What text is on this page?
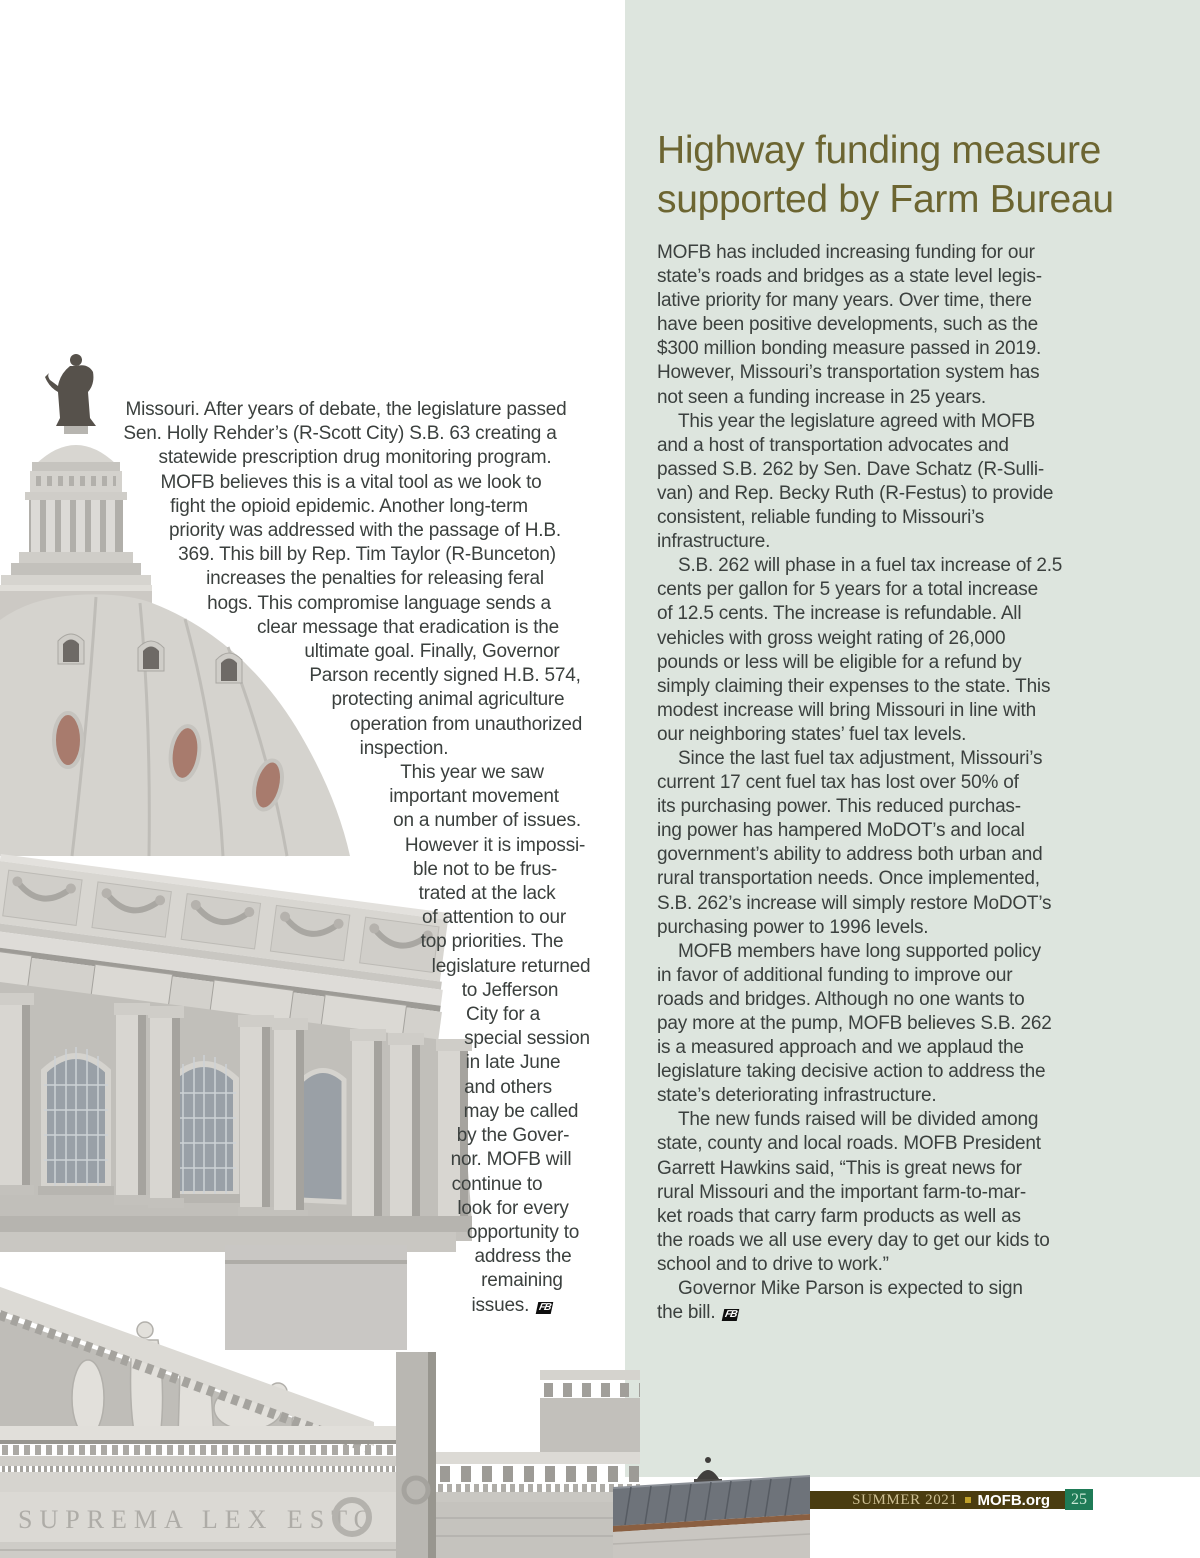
SUPREMA LEX ESTO
Missouri. After years of debate, the legislature passed
Sen. Holly Rehder’s (R-Scott City) S.B. 63 creating a
statewide prescription drug monitoring program.
MOFB believes this is a vital tool as we look to
fight the opioid epidemic. Another long-term
priority was addressed with the passage of H.B.
369. This bill by Rep. Tim Taylor (R-Bunceton)
increases the penalties for releasing feral
hogs. This compromise language sends a
clear message that eradication is the
ultimate goal. Finally, Governor
Parson recently signed H.B. 574,
protecting animal agriculture
operation from unauthorized
inspection.
This year we saw
important movement
on a number of issues.
However it is impossi-
ble not to be frus-
trated at the lack
of attention to our
top priorities. The
legislature returned
to Jefferson
City for a
special session
in late June
and others
may be called
by the Gover-
nor. MOFB will
continue to
look for every
opportunity to
address the
remaining
issues. FB
Highway funding measure
supported by Farm Bureau
MOFB has included increasing funding for our
state’s roads and bridges as a state level legis-
lative priority for many years. Over time, there
have been positive developments, such as the
$300 million bonding measure passed in 2019.
However, Missouri’s transportation system has
not seen a funding increase in 25 years.
This year the legislature agreed with MOFB
and a host of transportation advocates and
passed S.B. 262 by Sen. Dave Schatz (R-Sulli-
van) and Rep. Becky Ruth (R-Festus) to provide
consistent, reliable funding to Missouri’s
infrastructure.
S.B. 262 will phase in a fuel tax increase of 2.5
cents per gallon for 5 years for a total increase
of 12.5 cents. The increase is refundable. All
vehicles with gross weight rating of 26,000
pounds or less will be eligible for a refund by
simply claiming their expenses to the state. This
modest increase will bring Missouri in line with
our neighboring states’ fuel tax levels.
Since the last fuel tax adjustment, Missouri’s
current 17 cent fuel tax has lost over 50% of
its purchasing power. This reduced purchas-
ing power has hampered MoDOT’s and local
government’s ability to address both urban and
rural transportation needs. Once implemented,
S.B. 262’s increase will simply restore MoDOT’s
purchasing power to 1996 levels.
MOFB members have long supported policy
in favor of additional funding to improve our
roads and bridges. Although no one wants to
pay more at the pump, MOFB believes S.B. 262
is a measured approach and we applaud the
legislature taking decisive action to address the
state’s deteriorating infrastructure.
The new funds raised will be divided among
state, county and local roads. MOFB President
Garrett Hawkins said, “This is great news for
rural Missouri and the important farm-to-mar-
ket roads that carry farm products as well as
the roads we all use every day to get our kids to
school and to drive to work.”
Governor Mike Parson is expected to sign
the bill. FB
SUMMER 2021 MOFB.org	25
